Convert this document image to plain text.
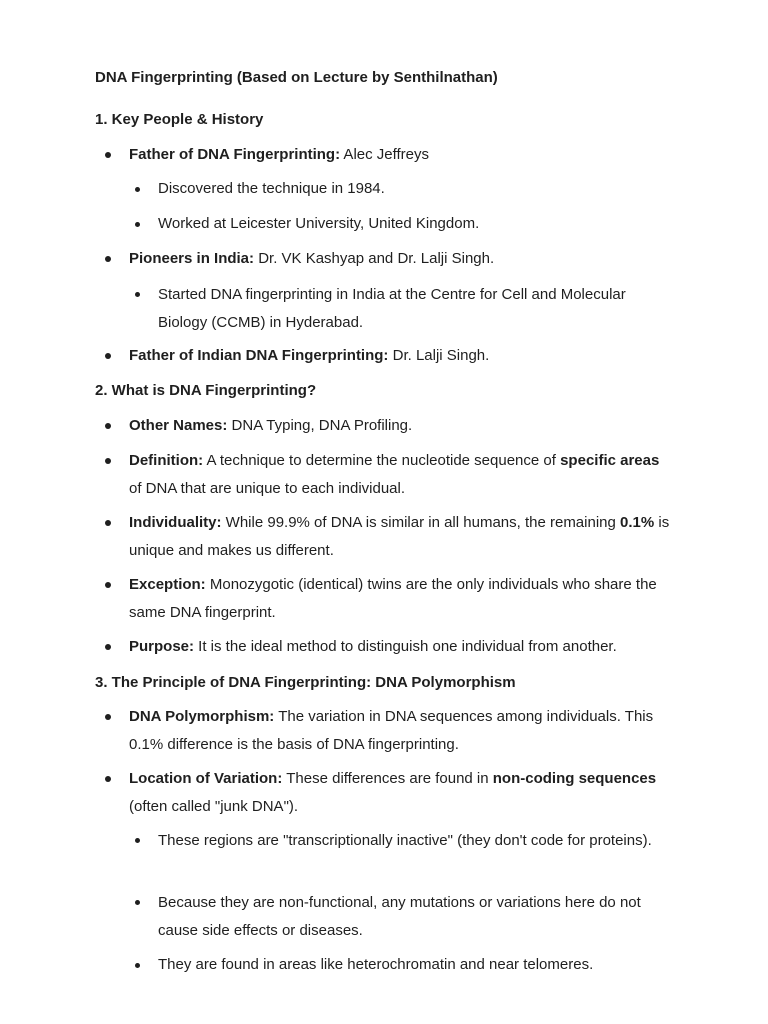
DNA Fingerprinting (Based on Lecture by Senthilnathan)
1. Key People & History
Father of DNA Fingerprinting: Alec Jeffreys
Discovered the technique in 1984.
Worked at Leicester University, United Kingdom.
Pioneers in India: Dr. VK Kashyap and Dr. Lalji Singh.
Started DNA fingerprinting in India at the Centre for Cell and Molecular Biology (CCMB) in Hyderabad.
Father of Indian DNA Fingerprinting: Dr. Lalji Singh.
2. What is DNA Fingerprinting?
Other Names: DNA Typing, DNA Profiling.
Definition: A technique to determine the nucleotide sequence of specific areas of DNA that are unique to each individual.
Individuality: While 99.9% of DNA is similar in all humans, the remaining 0.1% is unique and makes us different.
Exception: Monozygotic (identical) twins are the only individuals who share the same DNA fingerprint.
Purpose: It is the ideal method to distinguish one individual from another.
3. The Principle of DNA Fingerprinting: DNA Polymorphism
DNA Polymorphism: The variation in DNA sequences among individuals. This 0.1% difference is the basis of DNA fingerprinting.
Location of Variation: These differences are found in non-coding sequences (often called "junk DNA").
These regions are "transcriptionally inactive" (they don't code for proteins).
Because they are non-functional, any mutations or variations here do not cause side effects or diseases.
They are found in areas like heterochromatin and near telomeres.
